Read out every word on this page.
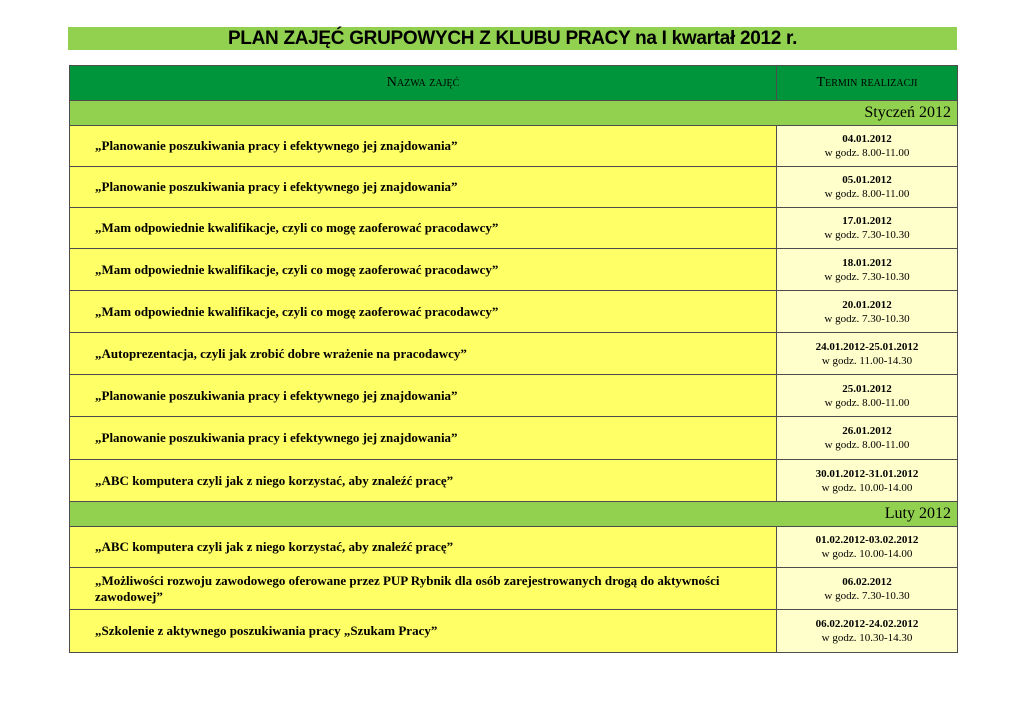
PLAN ZAJĘĆ GRUPOWYCH Z KLUBU PRACY na I kwartał 2012 r.
Nazwa zajęć	Termin realizacji
Styczeń 2012	
„Planowanie poszukiwania pracy i efektywnego jej znajdowania”	04.01.2012
w godz. 8.00-11.00

„Planowanie poszukiwania pracy i efektywnego jej znajdowania”	05.01.2012
w godz. 8.00-11.00

„Mam odpowiednie kwalifikacje, czyli co mogę zaoferować pracodawcy”	17.01.2012
w godz. 7.30-10.30

„Mam odpowiednie kwalifikacje, czyli co mogę zaoferować pracodawcy”	18.01.2012
w godz. 7.30-10.30

„Mam odpowiednie kwalifikacje, czyli co mogę zaoferować pracodawcy”	20.01.2012
w godz. 7.30-10.30

„Autoprezentacja, czyli jak zrobić dobre wrażenie na pracodawcy”	24.01.2012-25.01.2012
w godz. 11.00-14.30

„Planowanie poszukiwania pracy i efektywnego jej znajdowania”	25.01.2012
w godz. 8.00-11.00

„Planowanie poszukiwania pracy i efektywnego jej znajdowania”	26.01.2012
w godz. 8.00-11.00

„ABC komputera czyli jak z niego korzystać, aby znaleźć pracę”	30.01.2012-31.01.2012
w godz. 10.00-14.00

Luty 2012	
„ABC komputera czyli jak z niego korzystać, aby znaleźć pracę”	01.02.2012-03.02.2012
w godz. 10.00-14.00

„Możliwości rozwoju zawodowego oferowane przez PUP Rybnik dla osób zarejestrowanych drogą do aktywności zawodowej”	06.02.2012
w godz. 7.30-10.30

„Szkolenie z aktywnego poszukiwania pracy „Szukam Pracy”	06.02.2012-24.02.2012
w godz. 10.30-14.30
